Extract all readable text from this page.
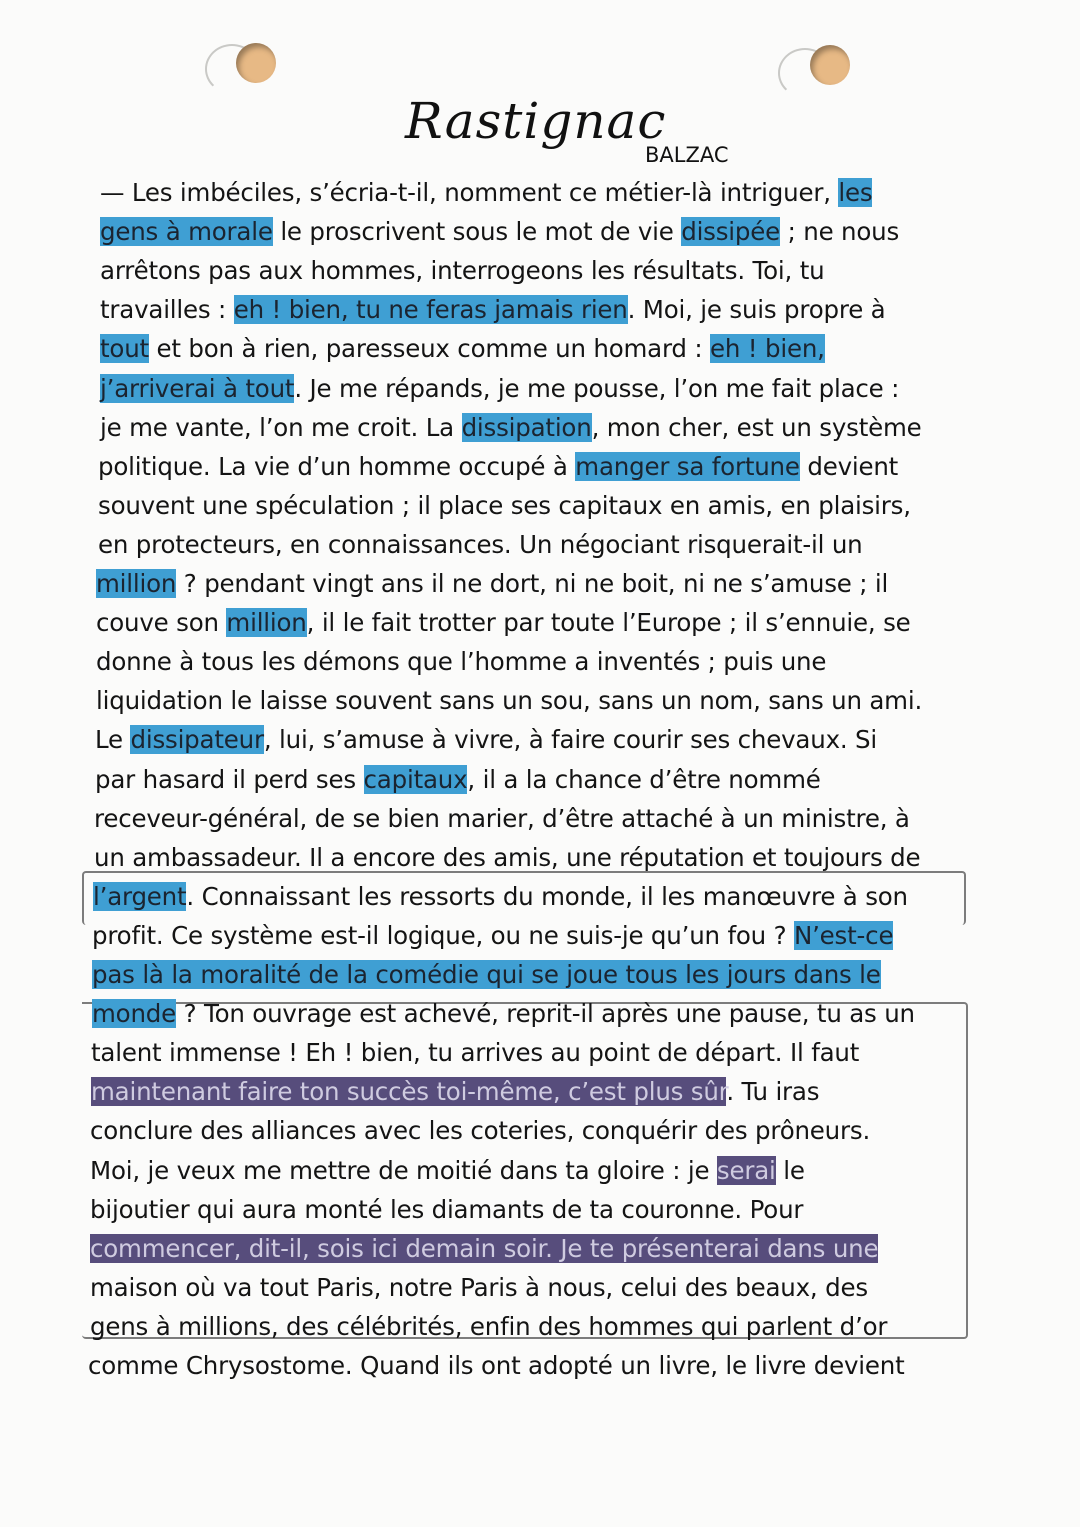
Rastignac
BALZAC
— Les imbéciles, s’écria-t-il, nomment ce métier-là intriguer, les
gens à morale le proscrivent sous le mot de vie dissipée ; ne nous
arrêtons pas aux hommes, interrogeons les résultats. Toi, tu
travailles : eh ! bien, tu ne feras jamais rien. Moi, je suis propre à
tout et bon à rien, paresseux comme un homard : eh ! bien,
j’arriverai à tout. Je me répands, je me pousse, l’on me fait place :
je me vante, l’on me croit. La dissipation, mon cher, est un système
politique. La vie d’un homme occupé à manger sa fortune devient
souvent une spéculation ; il place ses capitaux en amis, en plaisirs,
en protecteurs, en connaissances. Un négociant risquerait-il un
million ? pendant vingt ans il ne dort, ni ne boit, ni ne s’amuse ; il
couve son million, il le fait trotter par toute l’Europe ; il s’ennuie, se
donne à tous les démons que l’homme a inventés ; puis une
liquidation le laisse souvent sans un sou, sans un nom, sans un ami.
Le dissipateur, lui, s’amuse à vivre, à faire courir ses chevaux. Si
par hasard il perd ses capitaux, il a la chance d’être nommé
receveur-général, de se bien marier, d’être attaché à un ministre, à
un ambassadeur. Il a encore des amis, une réputation et toujours de
l’argent. Connaissant les ressorts du monde, il les manœuvre à son
profit. Ce système est-il logique, ou ne suis-je qu’un fou ? N’est-ce
pas là la moralité de la comédie qui se joue tous les jours dans le
monde ? Ton ouvrage est achevé, reprit-il après une pause, tu as un
talent immense ! Eh ! bien, tu arrives au point de départ. Il faut
maintenant faire ton succès toi-même, c’est plus sûr. Tu iras
conclure des alliances avec les coteries, conquérir des prôneurs.
Moi, je veux me mettre de moitié dans ta gloire : je serai le
bijoutier qui aura monté les diamants de ta couronne. Pour
commencer, dit-il, sois ici demain soir. Je te présenterai dans une
maison où va tout Paris, notre Paris à nous, celui des beaux, des
gens à millions, des célébrités, enfin des hommes qui parlent d’or
comme Chrysostome. Quand ils ont adopté un livre, le livre devient
